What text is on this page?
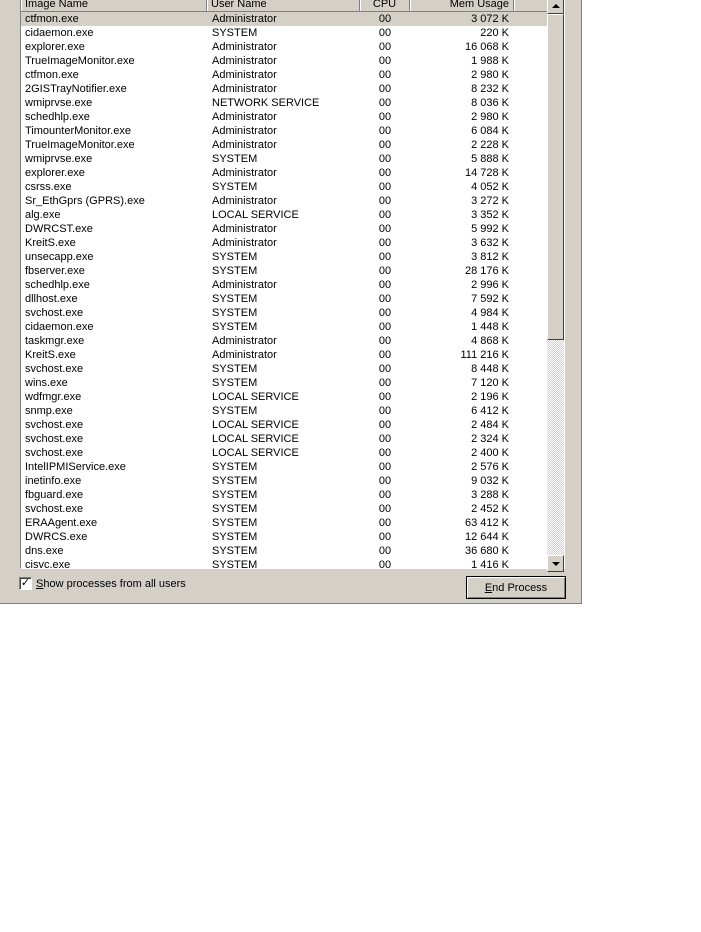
Image Name	User Name	CPU	Mem Usage
ctfmon.exe	Administrator	00	3 072 K
cidaemon.exe	SYSTEM	00	220 K
explorer.exe	Administrator	00	16 068 K
TrueImageMonitor.exe	Administrator	00	1 988 K
ctfmon.exe	Administrator	00	2 980 K
2GISTrayNotifier.exe	Administrator	00	8 232 K
wmiprvse.exe	NETWORK SERVICE	00	8 036 K
schedhlp.exe	Administrator	00	2 980 K
TimounterMonitor.exe	Administrator	00	6 084 K
TrueImageMonitor.exe	Administrator	00	2 228 K
wmiprvse.exe	SYSTEM	00	5 888 K
explorer.exe	Administrator	00	14 728 K
csrss.exe	SYSTEM	00	4 052 K
Sr_EthGprs (GPRS).exe	Administrator	00	3 272 K
alg.exe	LOCAL SERVICE	00	3 352 K
DWRCST.exe	Administrator	00	5 992 K
KreitS.exe	Administrator	00	3 632 K
unsecapp.exe	SYSTEM	00	3 812 K
fbserver.exe	SYSTEM	00	28 176 K
schedhlp.exe	Administrator	00	2 996 K
dllhost.exe	SYSTEM	00	7 592 K
svchost.exe	SYSTEM	00	4 984 K
cidaemon.exe	SYSTEM	00	1 448 K
taskmgr.exe	Administrator	00	4 868 K
KreitS.exe	Administrator	00	111 216 K
svchost.exe	SYSTEM	00	8 448 K
wins.exe	SYSTEM	00	7 120 K
wdfmgr.exe	LOCAL SERVICE	00	2 196 K
snmp.exe	SYSTEM	00	6 412 K
svchost.exe	LOCAL SERVICE	00	2 484 K
svchost.exe	LOCAL SERVICE	00	2 324 K
svchost.exe	LOCAL SERVICE	00	2 400 K
IntelIPMIService.exe	SYSTEM	00	2 576 K
inetinfo.exe	SYSTEM	00	9 032 K
fbguard.exe	SYSTEM	00	3 288 K
svchost.exe	SYSTEM	00	2 452 K
ERAAgent.exe	SYSTEM	00	63 412 K
DWRCS.exe	SYSTEM	00	12 644 K
dns.exe	SYSTEM	00	36 680 K
cisvc.exe	SYSTEM	00	1 416 K
✓ Show processes from all users	End Process
